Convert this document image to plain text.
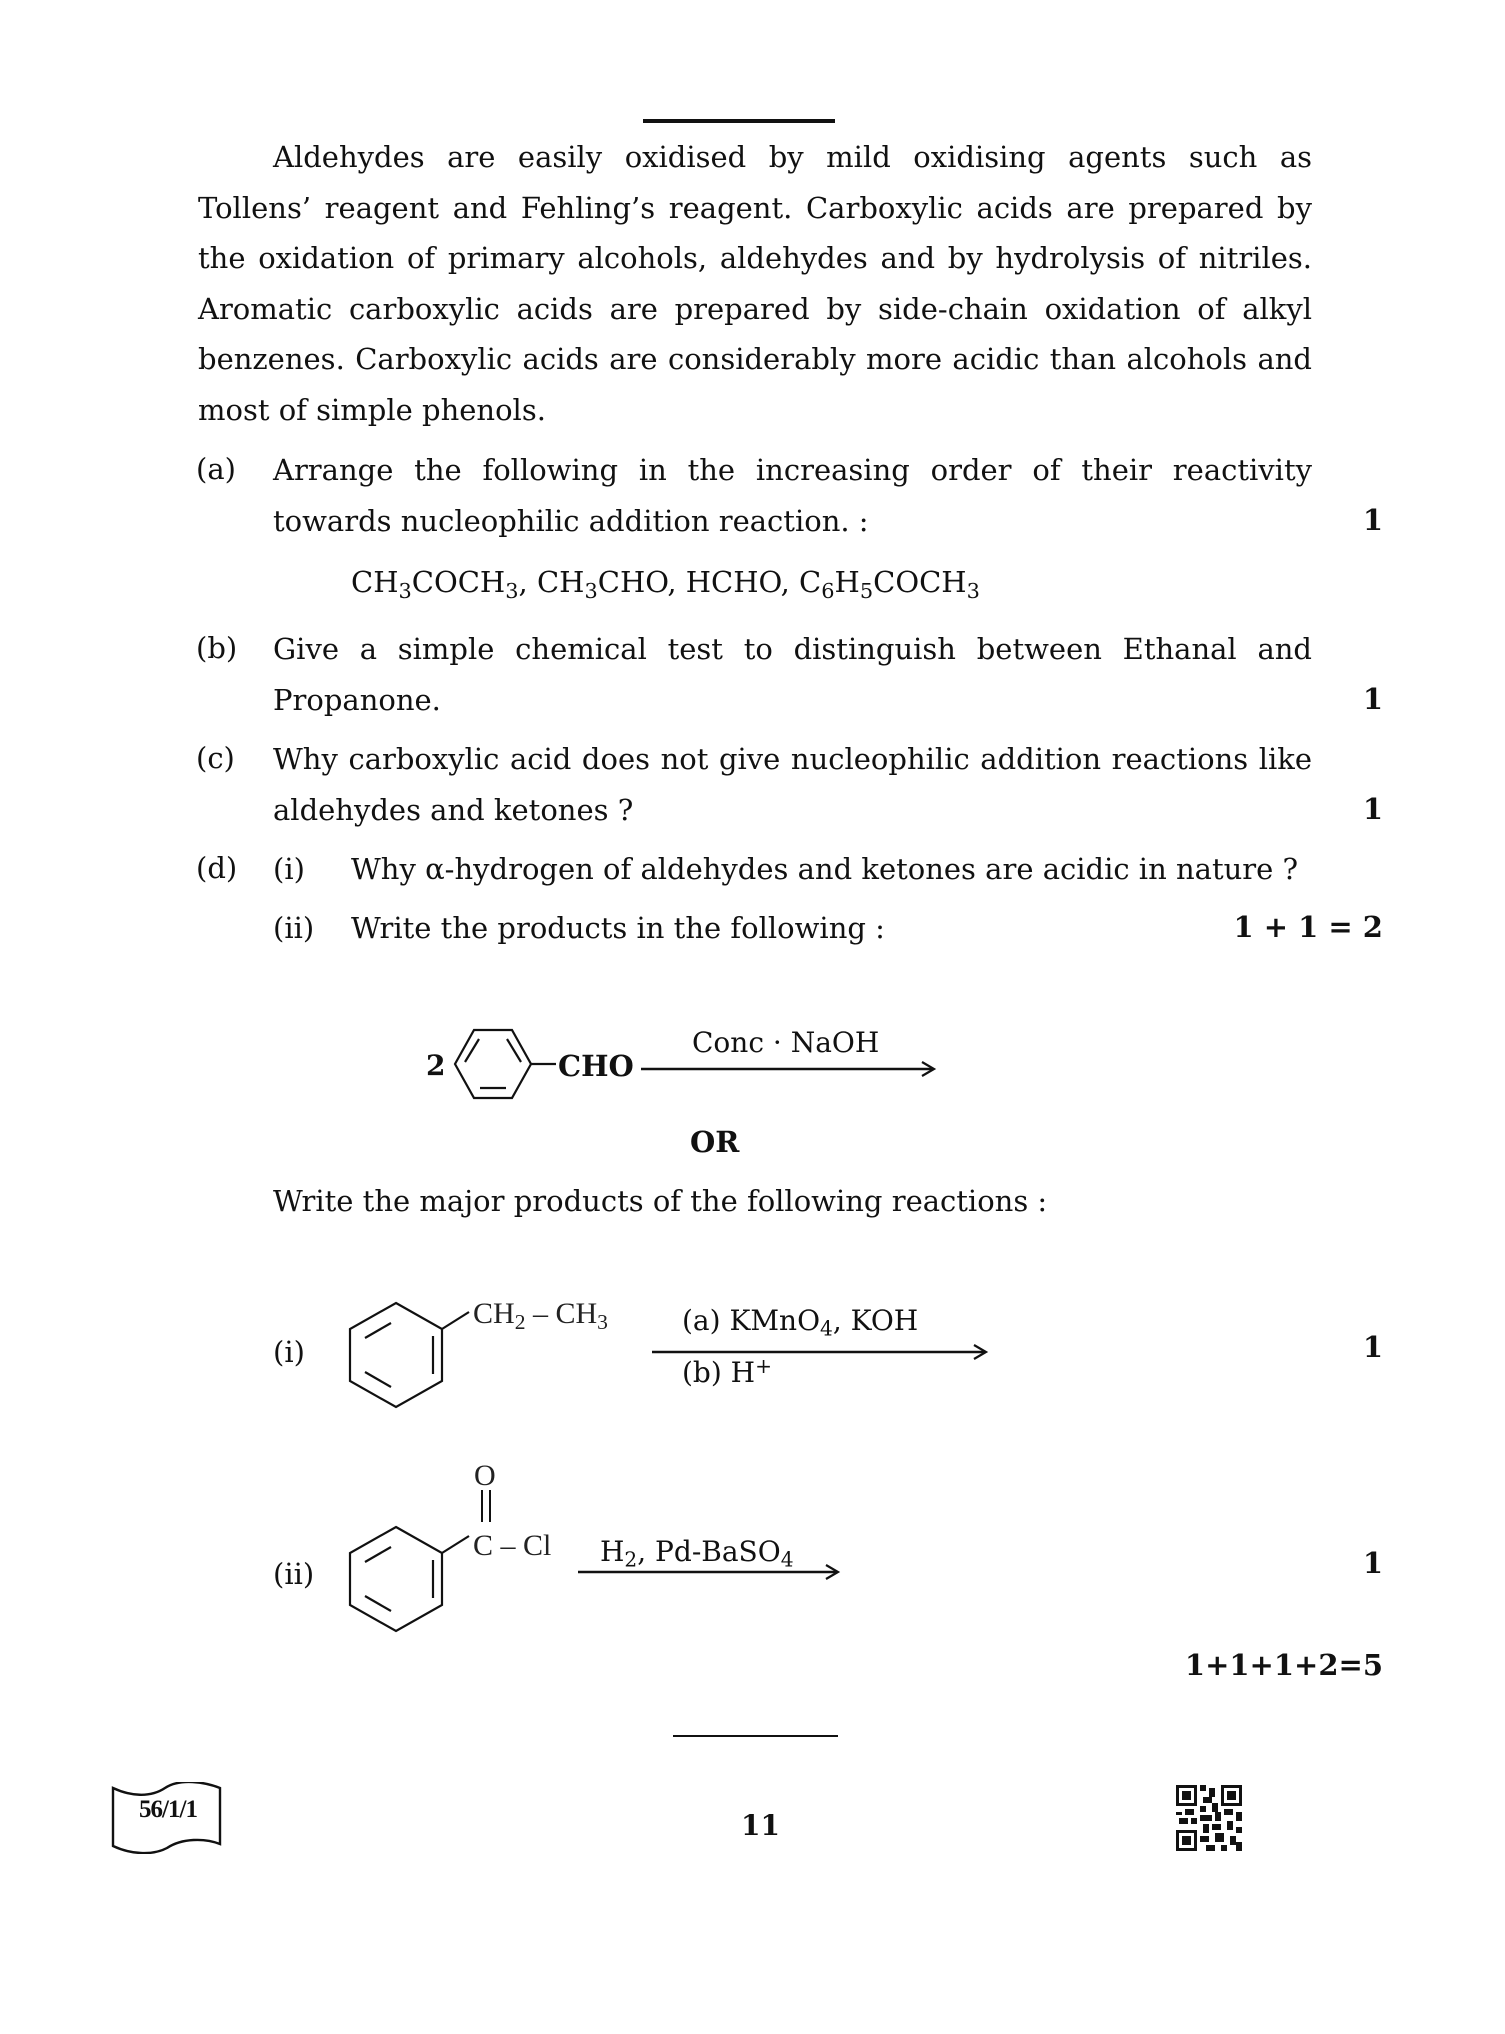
Aldehydes are easily oxidised by mild oxidising agents such as
Tollens’ reagent and Fehling’s reagent. Carboxylic acids are prepared by
the oxidation of primary alcohols, aldehydes and by hydrolysis of nitriles.
Aromatic carboxylic acids are prepared by side-chain oxidation of alkyl
benzenes. Carboxylic acids are considerably more acidic than alcohols and
most of simple phenols.
(a) Arrange the following in the increasing order of their reactivity
towards nucleophilic addition reaction. :	1
$CH_3COCH_3$, $CH_3CHO$, HCHO, $C_6H_5COCH_3$
(b) Give a simple chemical test to distinguish between Ethanal and
Propanone.	1
(c) Why carboxylic acid does not give nucleophilic addition reactions like
aldehydes and ketones ?	1
(d) (i) Why α-hydrogen of aldehydes and ketones are acidic in nature ?
(ii) Write the products in the following :	1 + 1 = 2
2	CHO
Conc · NaOH
OR
Write the major products of the following reactions :
(i)
$CH_2 - CH_3$	(a) KMnO$_4$, KOH
(b) H+
1
(ii)
O
C – Cl $H_2$, Pd-BaSO$_4$	1
1+1+1+2=5
56/1/1	11
